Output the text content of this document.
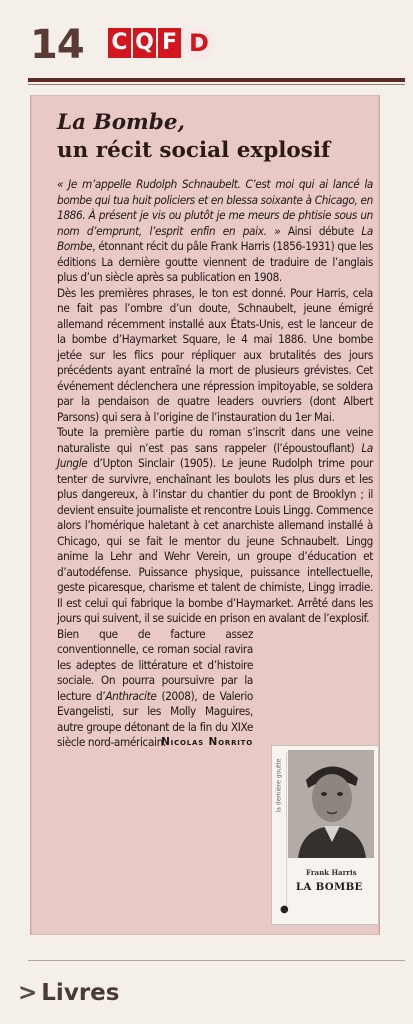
14 C Q F D
La Bombe,
un récit social explosif

« Je m’appelle Rudolph Schnaubelt. C’est moi qui ai lancé la bombe qui tua huit policiers et en blessa soixante à Chicago, en 1886. À présent je vis ou plutôt je me meurs de phtisie sous un nom d’emprunt, l’esprit enfin en paix. » Ainsi débute La Bombe, étonnant récit du pâle Frank Harris (1856-1931) que les éditions La dernière goutte viennent de traduire de l’anglais plus d’un siècle après sa publication en 1908.

Dès les premières phrases, le ton est donné. Pour Harris, cela ne fait pas l’ombre d’un doute, Schnaubelt, jeune émigré allemand récemment installé aux États-Unis, est le lanceur de la bombe d’Haymarket Square, le 4 mai 1886. Une bombe jetée sur les flics pour répliquer aux brutalités des jours précédents ayant entraîné la mort de plusieurs grévistes. Cet événement déclenchera une répression impitoyable, se soldera par la pendaison de quatre leaders ouvriers (dont Albert Parsons) qui sera à l’origine de l’instauration du 1er Mai.

Toute la première partie du roman s’inscrit dans une veine naturaliste qui n’est pas sans rappeler (l’époustouflant) La Jungle d’Upton Sinclair (1905). Le jeune Rudolph trime pour tenter de survivre, enchaînant les boulots les plus durs et les plus dangereux, à l’instar du chantier du pont de Brooklyn ; il devient ensuite journaliste et rencontre Louis Lingg. Commence alors l’homérique haletant à cet anarchiste allemand installé à Chicago, qui se fait le mentor du jeune Schnaubelt. Lingg anime la Lehr and Wehr Verein, un groupe d’éducation et d’autodéfense. Puissance physique, puissance intellectuelle, geste picaresque, charisme et talent de chimiste, Lingg irradie. Il est celui qui fabrique la bombe d’Haymarket. Arrêté dans les jours qui suivent, il se suicide en prison en avalant de l’explosif.

Bien que de facture assez conventionnelle, ce roman social ravira les adeptes de littérature et d’histoire sociale. On pourra poursuivre par la lecture d’Anthracite (2008), de Valerio Evangelisti, sur les Molly Maguires, autre groupe détonant de la fin du XIXe siècle nord-américain.

Nicolas Norrito
la dernière goutte
Frank Harris
LA BOMBE
●
> Livres
